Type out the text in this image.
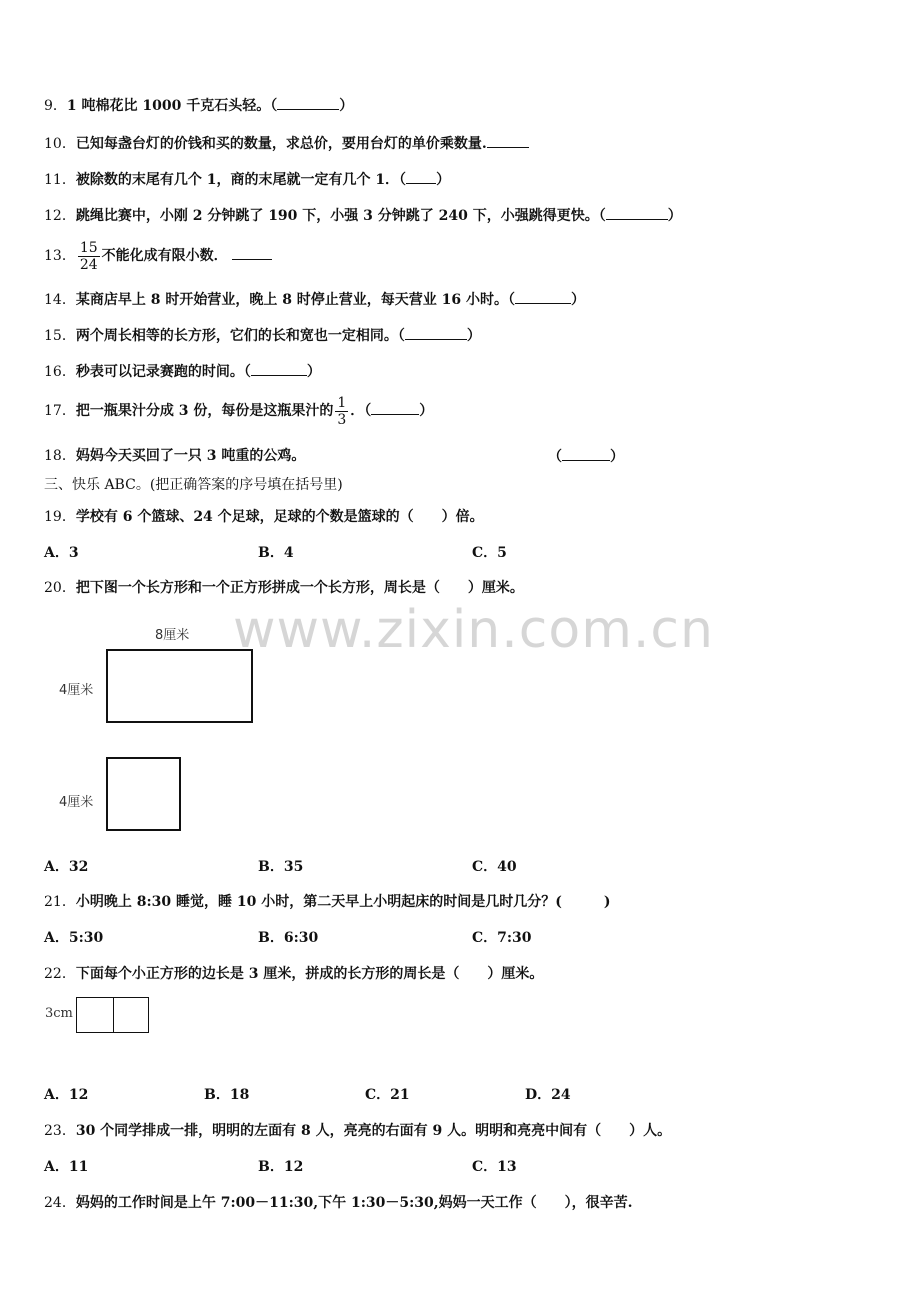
www.zixin.com.cn
9．1 吨棉花比 1000 千克石头轻。（	）
10．已知每盏台灯的价钱和买的数量，求总价，要用台灯的单价乘数量.
11．被除数的末尾有几个 1，商的末尾就一定有几个 1．（ ）
12．跳绳比赛中，小刚 2 分钟跳了 190 下，小强 3 分钟跳了 240 下，小强跳得更快。（	）
13． $\frac{15}{24}$ 不能化成有限小数．
14．某商店早上 8 时开始营业，晚上 8 时停止营业，每天营业 16 小时。（	）
15．两个周长相等的长方形，它们的长和宽也一定相同。（	）
16．秒表可以记录赛跑的时间。（	）
17．把一瓶果汁分成 3 份，每份是这瓶果汁的 $\frac{1}{3}$ ．（	）
18．妈妈今天买回了一只 3 吨重的公鸡。	（	）
三、快乐 ABC。(把正确答案的序号填在括号里)
19．学校有 6 个篮球、24 个足球，足球的个数是篮球的（　　）倍。
A．3	B．4	C．5
20．把下图一个长方形和一个正方形拼成一个长方形，周长是（　　）厘米。
8厘米
4厘米
4厘米
A．32	B．35	C．40
21．小明晚上 8:30 睡觉，睡 10 小时，第二天早上小明起床的时间是几时几分？(　　　)
A．5:30	B．6:30	C．7:30
22．下面每个小正方形的边长是 3 厘米，拼成的长方形的周长是（　　）厘米。
3cm
A．12	B．18	C．21	D．24
23．30 个同学排成一排，明明的左面有 8 人，亮亮的右面有 9 人。明明和亮亮中间有（　　）人。
A．11	B．12	C．13
24．妈妈的工作时间是上午 7:00－11:30,下午 1:30－5:30,妈妈一天工作（　　），很辛苦.
